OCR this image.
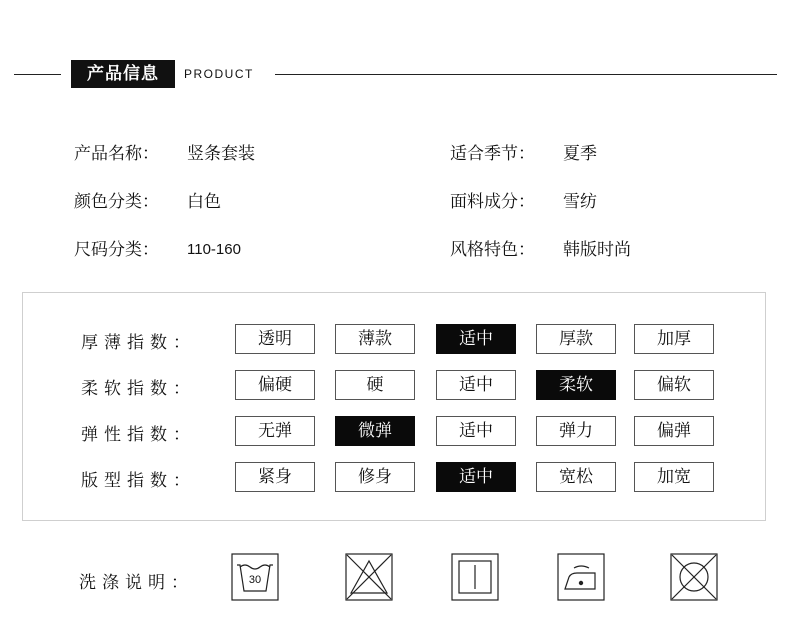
产品信息	PRODUCT
产品名称： 竖条套装	适合季节： 夏季
颜色分类： 白色	面料成分： 雪纺
尺码分类： 110-160	风格特色： 韩版时尚
厚薄指数：	透明	薄款	适中	厚款	加厚
柔软指数：	偏硬	硬	适中	柔软	偏软
弹性指数：	无弹	微弹	适中	弹力	偏弹
版型指数：	紧身	修身	适中	宽松	加宽
洗涤说明：	30
